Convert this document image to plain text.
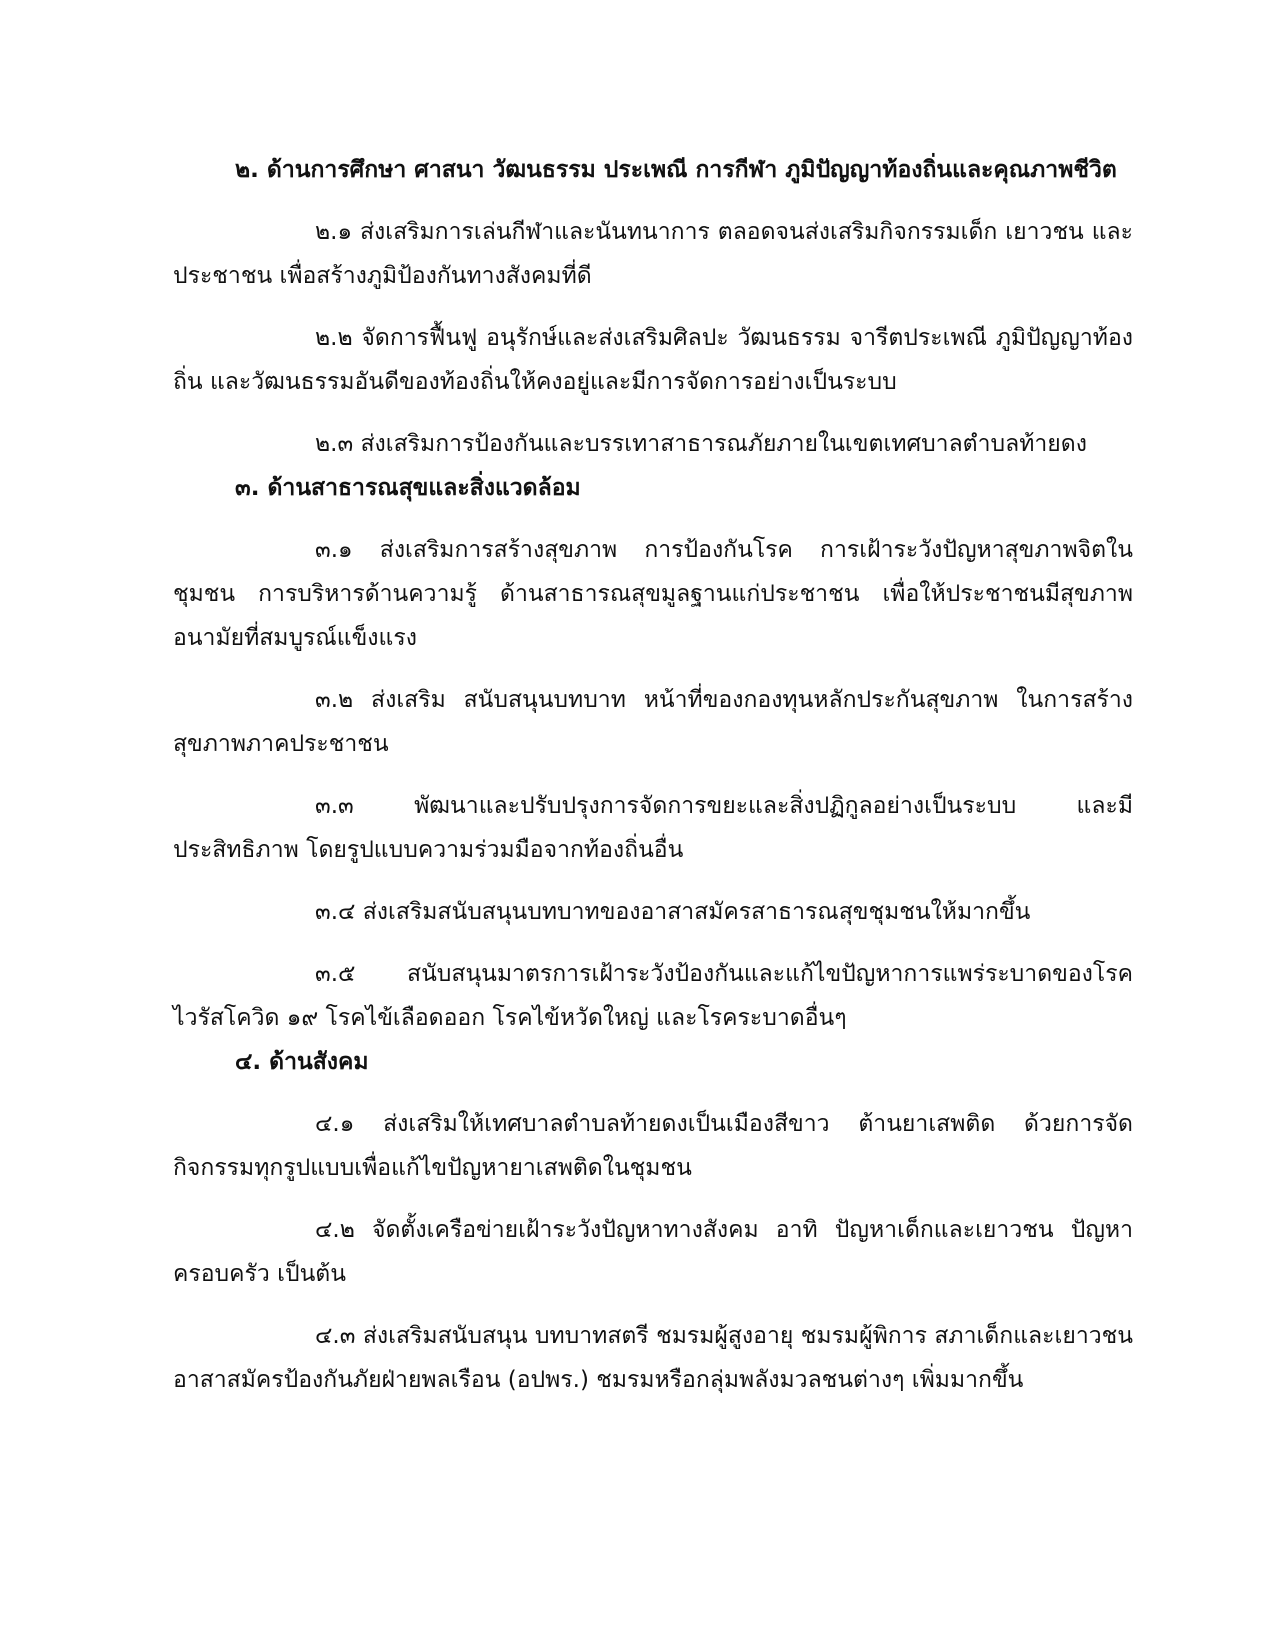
๒. ด้านการศึกษา ศาสนา วัฒนธรรม ประเพณี การกีฬา ภูมิปัญญาท้องถิ่นและคุณภาพชีวิต

๒.๑ ส่งเสริมการเล่นกีฬาและนันทนาการ ตลอดจนส่งเสริมกิจกรรมเด็ก เยาวชน และประชาชน เพื่อสร้างภูมิป้องกันทางสังคมที่ดี

๒.๒ จัดการฟื้นฟู อนุรักษ์และส่งเสริมศิลปะ วัฒนธรรม จารีตประเพณี ภูมิปัญญาท้องถิ่น และวัฒนธรรมอันดีของท้องถิ่นให้คงอยู่และมีการจัดการอย่างเป็นระบบ

๒.๓ ส่งเสริมการป้องกันและบรรเทาสาธารณภัยภายในเขตเทศบาลตำบลท้ายดง

๓. ด้านสาธารณสุขและสิ่งแวดล้อม

๓.๑ ส่งเสริมการสร้างสุขภาพ การป้องกันโรค การเฝ้าระวังปัญหาสุขภาพจิตในชุมชน การบริหารด้านความรู้ ด้านสาธารณสุขมูลฐานแก่ประชาชน เพื่อให้ประชาชนมีสุขภาพอนามัยที่สมบูรณ์แข็งแรง

๓.๒ ส่งเสริม สนับสนุนบทบาท หน้าที่ของกองทุนหลักประกันสุขภาพ ในการสร้างสุขภาพภาคประชาชน

๓.๓ พัฒนาและปรับปรุงการจัดการขยะและสิ่งปฏิกูลอย่างเป็นระบบ และมีประสิทธิภาพ โดยรูปแบบความร่วมมือจากท้องถิ่นอื่น

๓.๔ ส่งเสริมสนับสนุนบทบาทของอาสาสมัครสาธารณสุขชุมชนให้มากขึ้น

๓.๕ สนับสนุนมาตรการเฝ้าระวังป้องกันและแก้ไขปัญหาการแพร่ระบาดของโรคไวรัสโควิด ๑๙ โรคไข้เลือดออก โรคไข้หวัดใหญ่ และโรคระบาดอื่นๆ

๔. ด้านสังคม

๔.๑ ส่งเสริมให้เทศบาลตำบลท้ายดงเป็นเมืองสีขาว ต้านยาเสพติด ด้วยการจัดกิจกรรมทุกรูปแบบเพื่อแก้ไขปัญหายาเสพติดในชุมชน

๔.๒ จัดตั้งเครือข่ายเฝ้าระวังปัญหาทางสังคม อาทิ ปัญหาเด็กและเยาวชน ปัญหาครอบครัว เป็นต้น

๔.๓ ส่งเสริมสนับสนุน บทบาทสตรี ชมรมผู้สูงอายุ ชมรมผู้พิการ สภาเด็กและเยาวชนอาสาสมัครป้องกันภัยฝ่ายพลเรือน (อปพร.) ชมรมหรือกลุ่มพลังมวลชนต่างๆ เพิ่มมากขึ้น
